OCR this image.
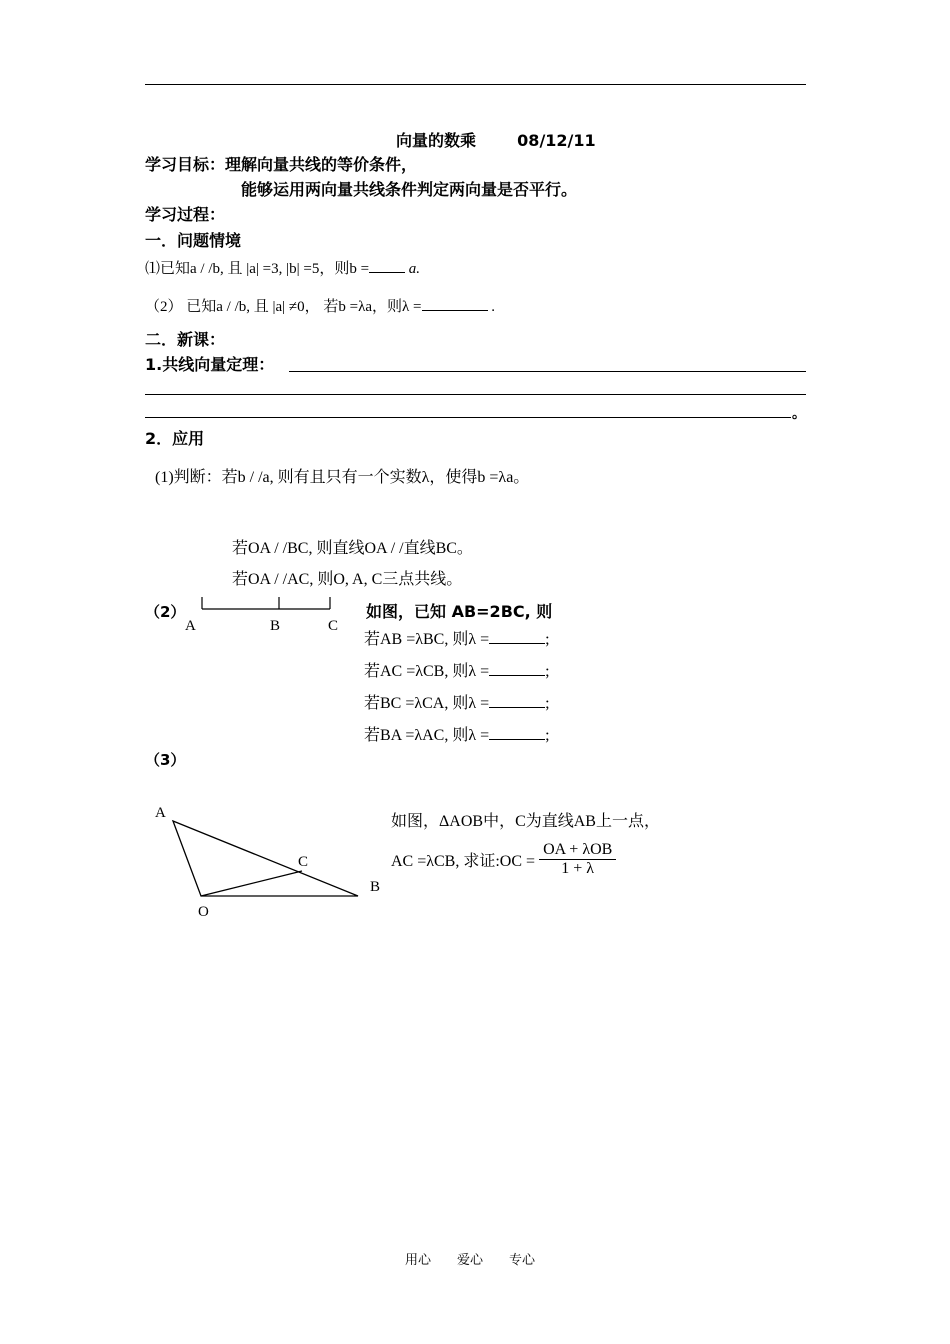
向量的数乘	08/12/11
学习目标：理解向量共线的等价条件，
能够运用两向量共线条件判定两向量是否平行。
学习过程：
一．问题情境
⑴已知a / /b, 且 |a| =3, |b| =5，则b =	a.
（2） 已知a / /b, 且 |a| ≠0， 若b =λa，则λ =	.
二．新课：
1.共线向量定理：
。
2．应用
(1)判断：若b / /a, 则有且只有一个实数λ，使得b =λa。
若OA / /BC, 则直线OA / /直线BC。
若OA / /AC, 则O, A, C三点共线。
（2）
A	B	C
如图，已知 AB=2BC, 则
若AB =λBC, 则λ =	;
若AC =λCB, 则λ =	;
若BC =λCA, 则λ =	;
若BA =λAC, 则λ =	;
（3）
A
C
B
O
如图，ΔAOB中，C为直线AB上一点，
AC =λCB, 求证:OC = $\frac{\text{OA + λOB}}{1 + \lambda}$
用心　　爱心　　专心
